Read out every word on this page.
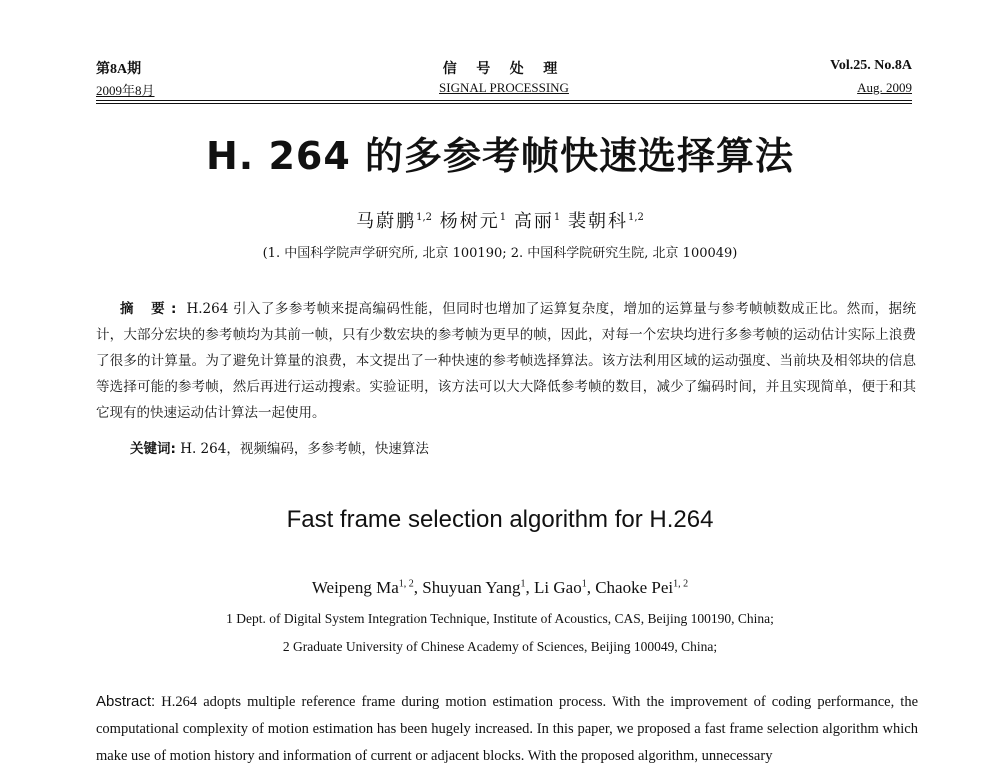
第8A期	信 号 处 理	Vol.25. No.8A
2009年8月	SIGNAL PROCESSING	Aug. 2009
H. 264 的多参考帧快速选择算法
马蔚鹏$^{1,2}$ 杨树元$^1$ 高丽$^1$ 裴朝科$^{1,2}$
(1. 中国科学院声学研究所, 北京 100190; 2. 中国科学院研究生院, 北京 100049)
摘 要: H.264 引入了多参考帧来提高编码性能，但同时也增加了运算复杂度，增加的运算量与参考帧帧数成正比。然而，据统计，大部分宏块的参考帧均为其前一帧，只有少数宏块的参考帧为更早的帧，因此，对每一个宏块均进行多参考帧的运动估计实际上浪费了很多的计算量。为了避免计算量的浪费，本文提出了一种快速的参考帧选择算法。该方法利用区域的运动强度、当前块及相邻块的信息等选择可能的参考帧，然后再进行运动搜索。实验证明，该方法可以大大降低参考帧的数目，减少了编码时间，并且实现简单，便于和其它现有的快速运动估计算法一起使用。
关键词: H. 264，视频编码，多参考帧，快速算法
Fast frame selection algorithm for H.264
Weipeng Ma$^{1, 2}$, Shuyuan Yang$^1$, Li Gao$^1$, Chaoke Pei$^{1, 2}$
1 Dept. of Digital System Integration Technique, Institute of Acoustics, CAS, Beijing 100190, China;
2 Graduate University of Chinese Academy of Sciences, Beijing 100049, China;
Abstract: H.264 adopts multiple reference frame during motion estimation process. With the improvement of coding performance, the computational complexity of motion estimation has been hugely increased. In this paper, we proposed a fast frame selection algorithm which make use of motion history and information of current or adjacent blocks. With the proposed algorithm, unnecessary
